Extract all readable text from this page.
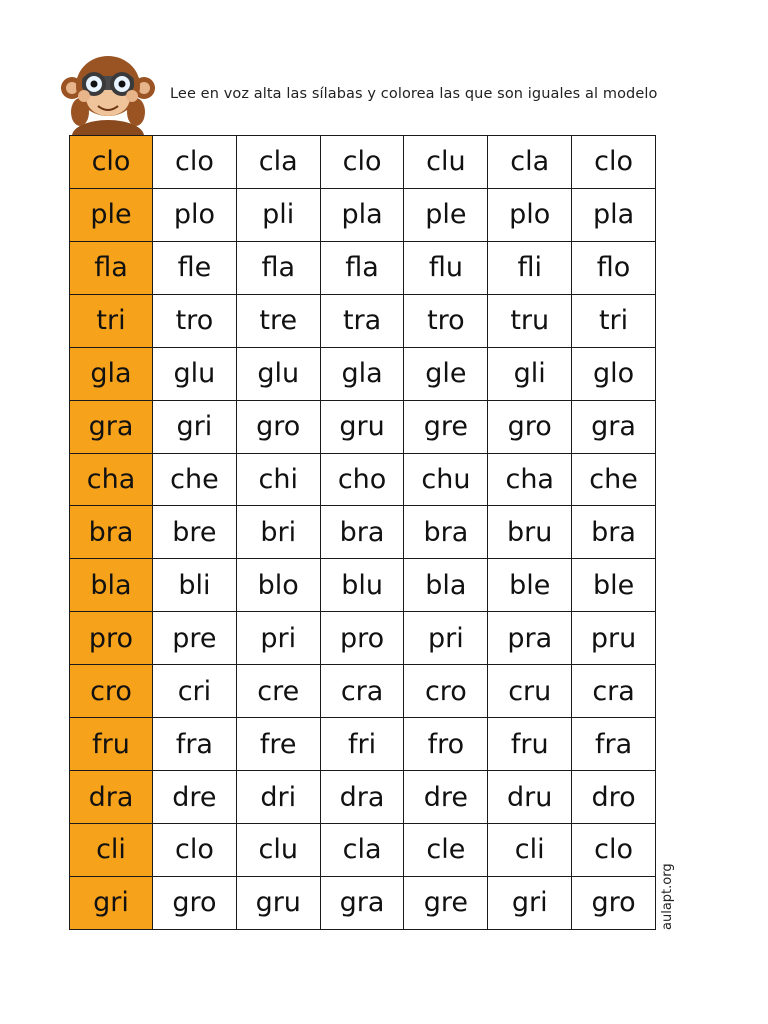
Lee en voz alta las sílabas y colorea las que son iguales al modelo
clo	clo	cla	clo	clu	cla	clo
ple	plo	pli	pla	ple	plo	pla
fla	fle	fla	fla	flu	fli	flo
tri	tro	tre	tra	tro	tru	tri
gla	glu	glu	gla	gle	gli	glo
gra	gri	gro	gru	gre	gro	gra
cha	che	chi	cho	chu	cha	che
bra	bre	bri	bra	bra	bru	bra
bla	bli	blo	blu	bla	ble	ble
pro	pre	pri	pro	pri	pra	pru
cro	cri	cre	cra	cro	cru	cra
fru	fra	fre	fri	fro	fru	fra
dra	dre	dri	dra	dre	dru	dro
cli	clo	clu	cla	cle	cli	clo
gri	gro	gru	gra	gre	gri	gro aulapt.org
